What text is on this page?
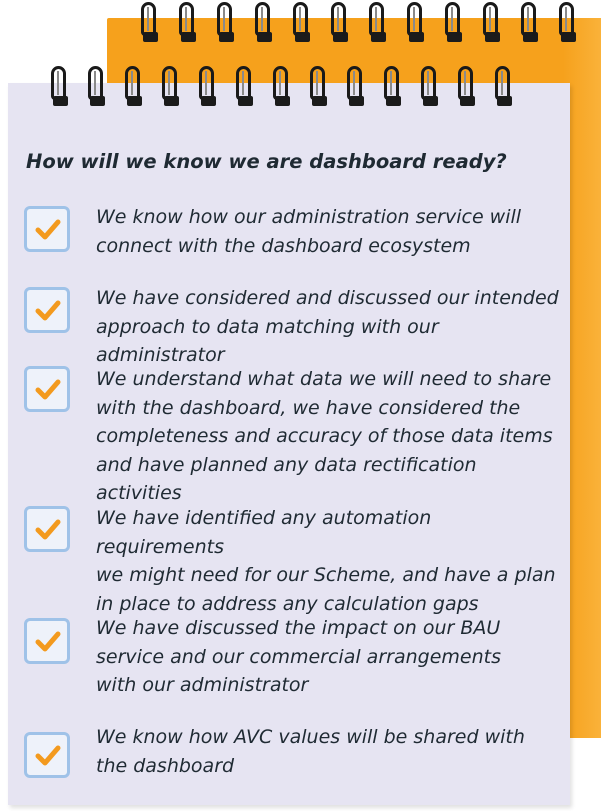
How will we know we are dashboard ready?
We know how our administration service will
connect with the dashboard ecosystem
We have considered and discussed our intended
approach to data matching with our administrator
We understand what data we will need to share
with the dashboard, we have considered the
completeness and accuracy of those data items
and have planned any data rectification activities
We have identified any automation requirements
we might need for our Scheme, and have a plan
in place to address any calculation gaps
We have discussed the impact on our BAU
service and our commercial arrangements
with our administrator
We know how AVC values will be shared with
the dashboard
